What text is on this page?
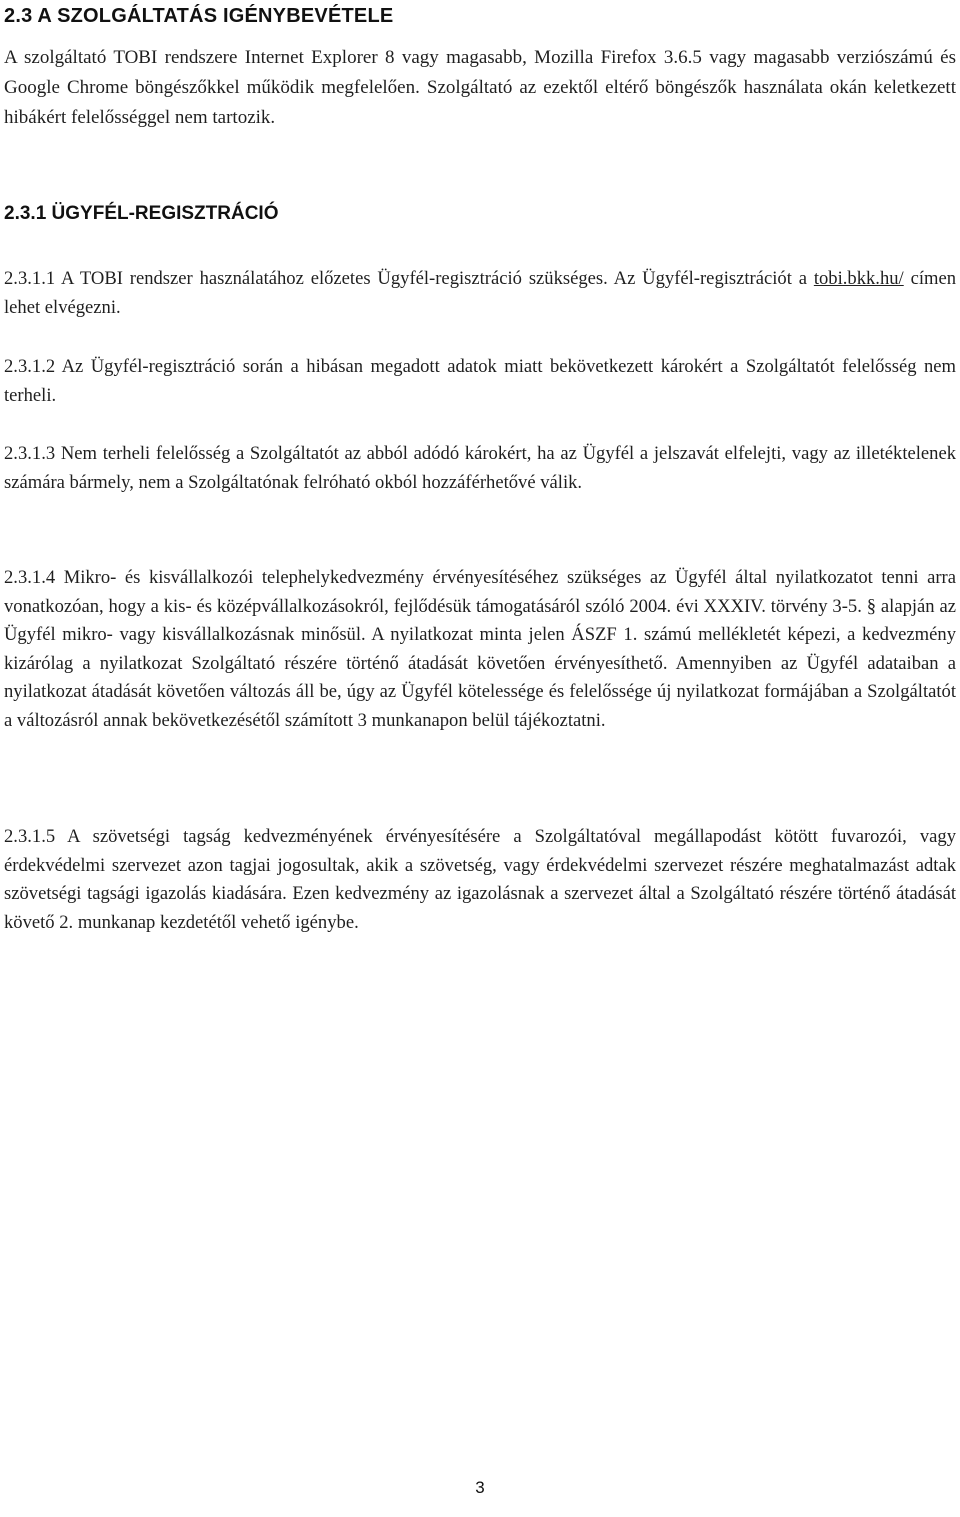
2.3 A SZOLGÁLTATÁS IGÉNYBEVÉTELE
A szolgáltató TOBI rendszere Internet Explorer 8 vagy magasabb, Mozilla Firefox 3.6.5 vagy magasabb verziószámú és Google Chrome böngészőkkel működik megfelelően. Szolgáltató az ezektől eltérő böngészők használata okán keletkezett hibákért felelősséggel nem tartozik.
2.3.1 ÜGYFÉL-REGISZTRÁCIÓ
2.3.1.1 A TOBI rendszer használatához előzetes Ügyfél-regisztráció szükséges. Az Ügyfél-regisztrációt a tobi.bkk.hu/ címen lehet elvégezni.
2.3.1.2 Az Ügyfél-regisztráció során a hibásan megadott adatok miatt bekövetkezett károkért a Szolgáltatót felelősség nem terheli.
2.3.1.3 Nem terheli felelősség a Szolgáltatót az abból adódó károkért, ha az Ügyfél a jelszavát elfelejti, vagy az illetéktelenek számára bármely, nem a Szolgáltatónak felróható okból hozzáférhetővé válik.
2.3.1.4 Mikro- és kisvállalkozói telephelykedvezmény érvényesítéséhez szükséges az Ügyfél által nyilatkozatot tenni arra vonatkozóan, hogy a kis- és középvállalkozásokról, fejlődésük támogatásáról szóló 2004. évi XXXIV. törvény 3-5. § alapján az Ügyfél mikro- vagy kisvállalkozásnak minősül. A nyilatkozat minta jelen ÁSZF 1. számú mellékletét képezi, a kedvezmény kizárólag a nyilatkozat Szolgáltató részére történő átadását követően érvényesíthető. Amennyiben az Ügyfél adataiban a nyilatkozat átadását követően változás áll be, úgy az Ügyfél kötelessége és felelőssége új nyilatkozat formájában a Szolgáltatót a változásról annak bekövetkezésétől számított 3 munkanapon belül tájékoztatni.
2.3.1.5 A szövetségi tagság kedvezményének érvényesítésére a Szolgáltatóval megállapodást kötött fuvarozói, vagy érdekvédelmi szervezet azon tagjai jogosultak, akik a szövetség, vagy érdekvédelmi szervezet részére meghatalmazást adtak szövetségi tagsági igazolás kiadására. Ezen kedvezmény az igazolásnak a szervezet által a Szolgáltató részére történő átadását követő 2. munkanap kezdetétől vehető igénybe.
3
